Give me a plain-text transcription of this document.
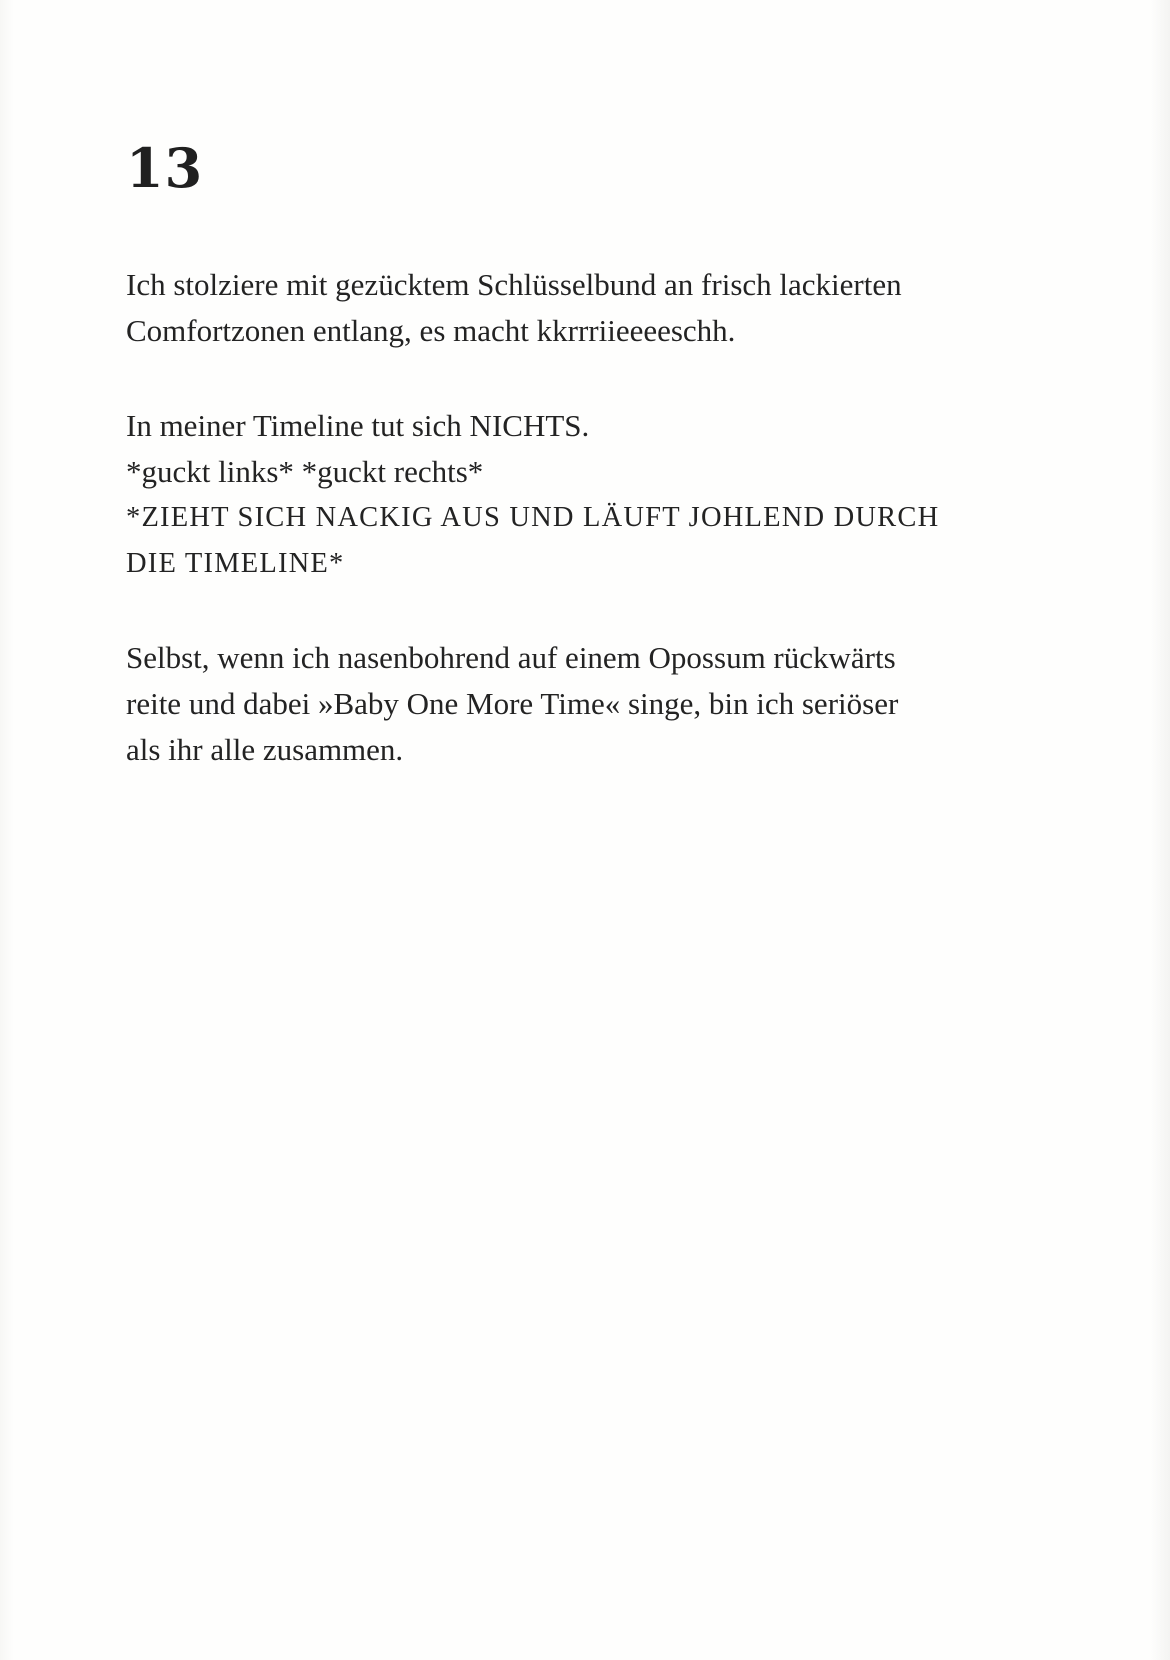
13
Ich stolziere mit gezücktem Schlüsselbund an frisch lackierten
Comfortzonen entlang, es macht kkrrriieeeeschh.
In meiner Timeline tut sich NICHTS.
*guckt links* *guckt rechts*
*ZIEHT SICH NACKIG AUS UND LÄUFT JOHLEND DURCH
DIE TIMELINE*
Selbst, wenn ich nasenbohrend auf einem Opossum rückwärts
reite und dabei »Baby One More Time« singe, bin ich seriöser
als ihr alle zusammen.
